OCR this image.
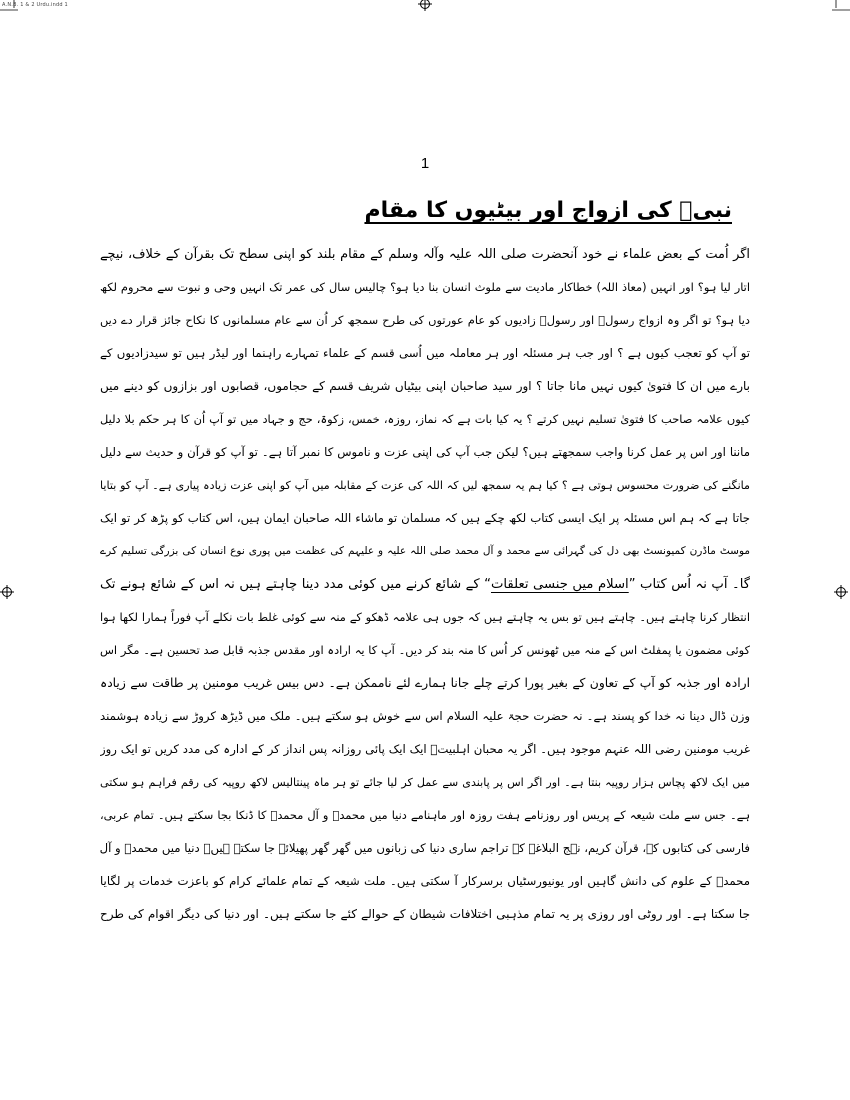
A.N.B. 1 & 2 Urdu.indd 1
1
نبیؐ کی ازواج اور بیٹیوں کا مقام
اگر اُمت کے بعض علماء نے خود آنحضرت صلی اللہ علیہ وآلہ وسلم کے مقام بلند کو اپنی سطح تک بقرآن کے خلاف، نیچے
اتار لیا ہو؟ اور انہیں (معاذ اللہ) خطاکار مادیت سے ملوث انسان بنا دیا ہو؟ چالیس سال کی عمر تک انہیں وحی و نبوت سے محروم لکھ
دیا ہو؟ تو اگر وہ ازواج رسولؐ اور رسولؐ زادیوں کو عام عورتوں کی طرح سمجھ کر اُن سے عام مسلمانوں کا نکاح جائز قرار دے دیں
تو آپ کو تعجب کیوں ہے ؟ اور جب ہر مسئلہ اور ہر معاملہ میں اُسی قسم کے علماء تمہارے راہنما اور لیڈر ہیں تو سیدزادیوں کے
بارے میں ان کا فتویٰ کیوں نہیں مانا جاتا ؟ اور سید صاحبان اپنی بیٹیاں شریف قسم کے حجاموں، قصابوں اور بزازوں کو دینے میں
کیوں علامہ صاحب کا فتویٰ تسلیم نہیں کرتے ؟ یہ کیا بات ہے کہ نماز، روزہ، خمس، زکوۃ، حج و جہاد میں تو آپ اُن کا ہر حکم بلا دلیل
ماننا اور اس پر عمل کرنا واجب سمجھتے ہیں؟ لیکن جب آپ کی اپنی عزت و ناموس کا نمبر آتا ہے۔ تو آپ کو قرآن و حدیث سے دلیل
مانگنے کی ضرورت محسوس ہوتی ہے ؟ کیا ہم یہ سمجھ لیں کہ اللہ کی عزت کے مقابلہ میں آپ کو اپنی عزت زیادہ پیاری ہے۔ آپ کو بتایا
جاتا ہے کہ ہم اس مسئلہ پر ایک ایسی کتاب لکھ چکے ہیں کہ مسلمان تو ماشاء اللہ صاحبان ایمان ہیں، اس کتاب کو پڑھ کر تو ایک
موسٹ ماڈرن کمیونسٹ بھی دل کی گہرائی سے محمد و آل محمد صلی اللہ علیہ و علیہم کی عظمت میں پوری نوع انسان کی بزرگی تسلیم کرے
گا۔ آپ نہ اُس کتاب ”اسلام میں جنسی تعلقات“ کے شائع کرنے میں کوئی مدد دینا چاہتے ہیں نہ اس کے شائع ہونے تک
انتظار کرنا چاہتے ہیں۔ چاہتے ہیں تو بس یہ چاہتے ہیں کہ جوں ہی علامہ ڈھکو کے منہ سے کوئی غلط بات نکلے آپ فوراً ہمارا لکھا ہوا
کوئی مضمون یا پمفلٹ اس کے منہ میں ٹھونس کر اُس کا منہ بند کر دیں۔ آپ کا یہ ارادہ اور مقدس جذبہ قابل صد تحسین ہے۔ مگر اس
ارادہ اور جذبہ کو آپ کے تعاون کے بغیر پورا کرتے چلے جانا ہمارے لئے ناممکن ہے۔ دس بیس غریب مومنین پر طاقت سے زیادہ
وزن ڈال دینا نہ خدا کو پسند ہے۔ نہ حضرت حجۃ علیہ السلام اس سے خوش ہو سکتے ہیں۔ ملک میں ڈیڑھ کروڑ سے زیادہ ہوشمند
غریب مومنین رضی اللہ عنہم موجود ہیں۔ اگر یہ محبان اہلبیتؑ ایک ایک پائی روزانہ پس انداز کر کے ادارہ کی مدد کریں تو ایک روز
میں ایک لاکھ پچاس ہزار روپیہ بنتا ہے۔ اور اگر اس پر پابندی سے عمل کر لیا جائے تو ہر ماہ پینتالیس لاکھ روپیہ کی رقم فراہم ہو سکتی
ہے۔ جس سے ملت شیعہ کے پریس اور روزنامے ہفت روزہ اور ماہنامے دنیا میں محمدؐ و آل محمدؑ کا ڈنکا بجا سکتے ہیں۔ تمام عربی،
فارسی کی کتابوں کے، قرآن کریم، نہج البلاغۃ کے تراجم ساری دنیا کی زبانوں میں گھر گھر پھیلائے جا سکتے ہیں۔ دنیا میں محمدؐ و آل
محمدؑ کے علوم کی دانش گاہیں اور یونیورسٹیاں برسرکار آ سکتی ہیں۔ ملت شیعہ کے تمام علمائے کرام کو باعزت خدمات پر لگایا
جا سکتا ہے۔ اور روٹی اور روزی پر یہ تمام مذہبی اختلافات شیطان کے حوالے کئے جا سکتے ہیں۔ اور دنیا کی دیگر اقوام کی طرح
